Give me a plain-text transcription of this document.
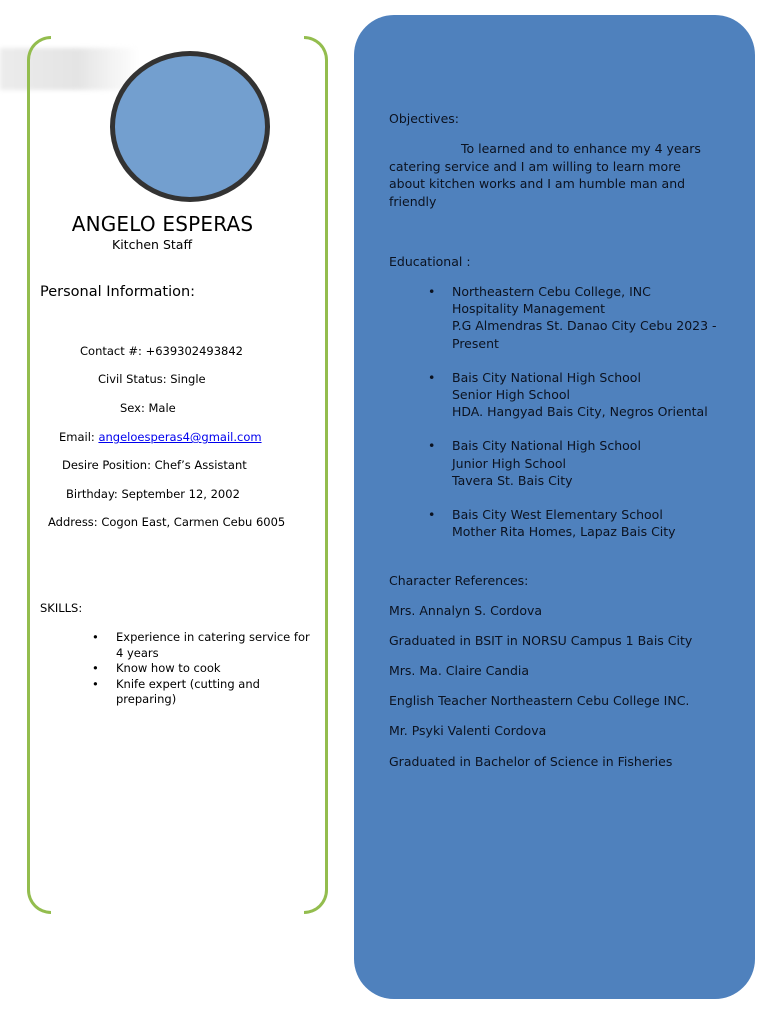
ANGELO ESPERAS
Kitchen Staff
Personal Information:
Contact #: +639302493842
Civil Status: Single
Sex: Male
Email: angeloesperas4@gmail.com
Desire Position: Chef’s Assistant
Birthday: September 12, 2002
Address: Cogon East, Carmen Cebu 6005
SKILLS:
• Experience in catering service for 4 years
• Know how to cook
• Knife expert (cutting and preparing)
Objectives:
To learned and to enhance my 4 years catering service and I am willing to learn more about kitchen works and I am humble man and friendly
Educational :
• Northeastern Cebu College, INC
Hospitality Management
P.G Almendras St. Danao City Cebu 2023 - Present
• Bais City National High School
Senior High School
HDA. Hangyad Bais City, Negros Oriental
• Bais City National High School
Junior High School
Tavera St. Bais City
• Bais City West Elementary School
Mother Rita Homes, Lapaz Bais City
Character References:
Mrs. Annalyn S. Cordova
Graduated in BSIT in NORSU Campus 1 Bais City
Mrs. Ma. Claire Candia
English Teacher Northeastern Cebu College INC.
Mr. Psyki Valenti Cordova
Graduated in Bachelor of Science in Fisheries
